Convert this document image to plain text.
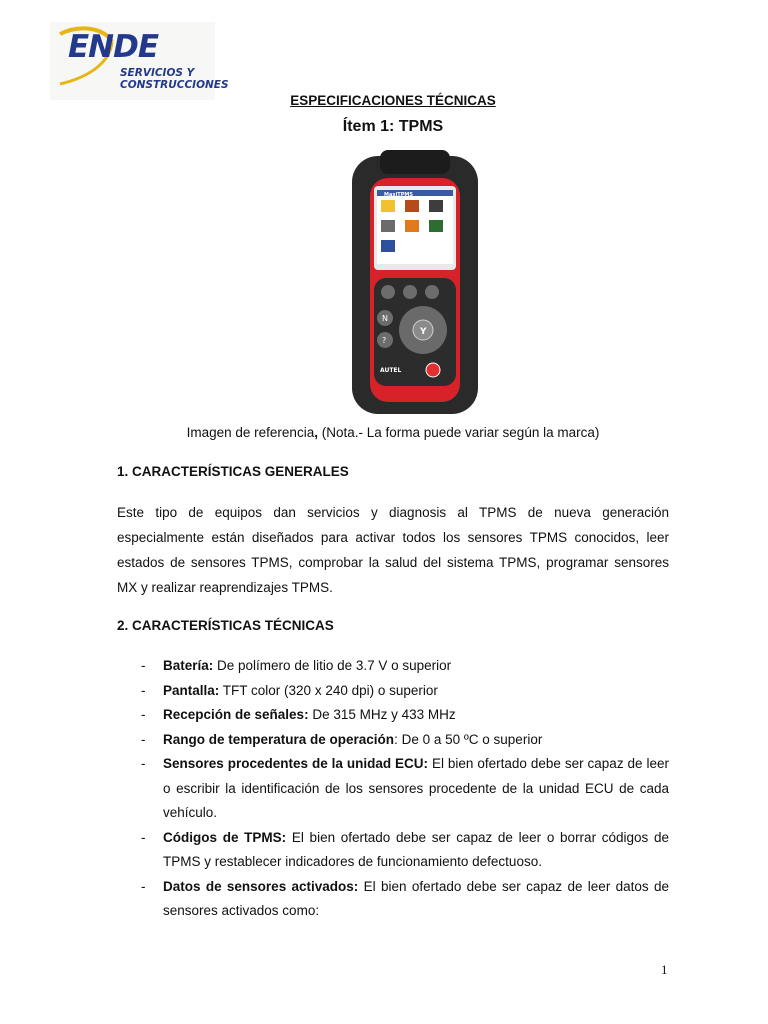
ENDE
SERVICIOS Y
CONSTRUCCIONES
ESPECIFICACIONES TÉCNICAS
Ítem 1: TPMS
MaxiTPMS
Y
N
?
AUTEL
Imagen de referencia, (Nota.- La forma puede variar según la marca)
1. CARACTERÍSTICAS GENERALES

Este tipo de equipos dan servicios y diagnosis al TPMS de nueva generación especialmente están diseñados para activar todos los sensores TPMS conocidos, leer estados de sensores TPMS, comprobar la salud del sistema TPMS, programar sensores MX y realizar reaprendizajes TPMS.

2. CARACTERÍSTICAS TÉCNICAS
- Batería: De polímero de litio de 3.7 V o superior
- Pantalla: TFT color (320 x 240 dpi) o superior
- Recepción de señales: De 315 MHz y 433 MHz
- Rango de temperatura de operación: De 0 a 50 ºC o superior
- Sensores procedentes de la unidad ECU: El bien ofertado debe ser capaz de leer o escribir la identificación de los sensores procedente de la unidad ECU de cada vehículo.
- Códigos de TPMS: El bien ofertado debe ser capaz de leer o borrar códigos de TPMS y restablecer indicadores de funcionamiento defectuoso.
- Datos de sensores activados: El bien ofertado debe ser capaz de leer datos de sensores activados como:
1
